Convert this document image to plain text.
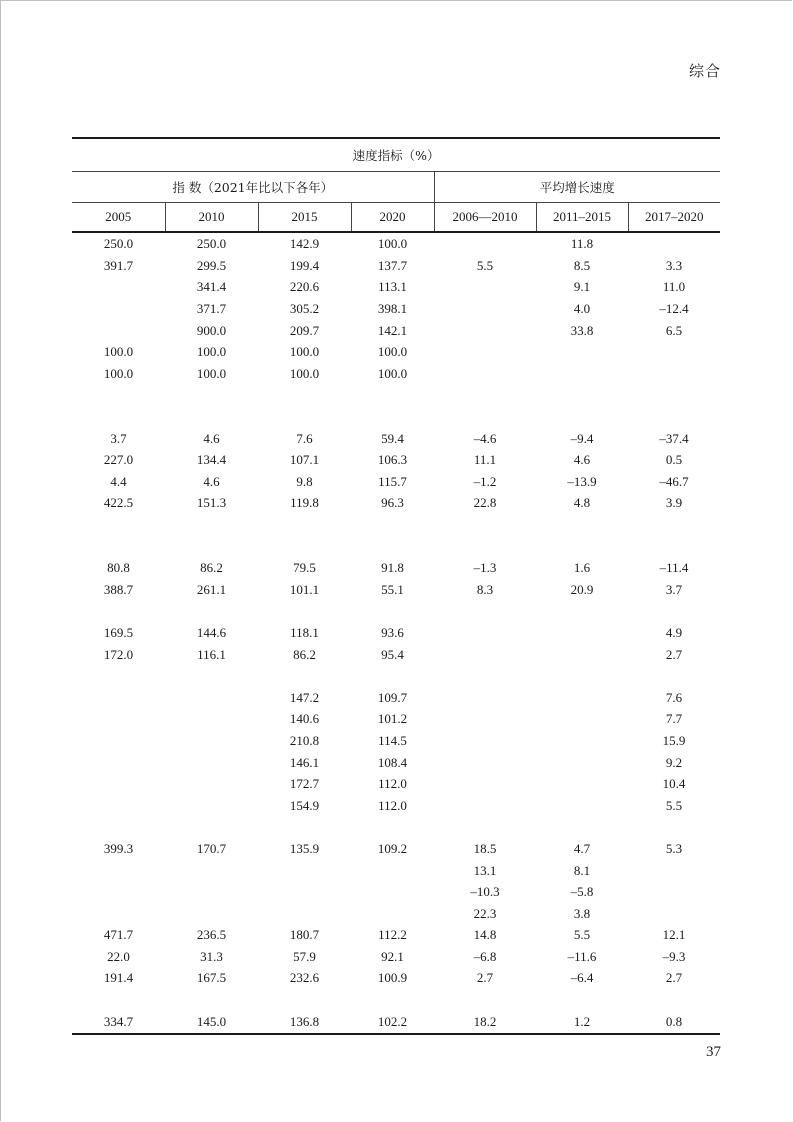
综合
速度指标（%）						
指 数（2021年比以下各年）				平均增长速度		
2005	2010	2015	2020	2006—2010	2011–2015	2017–2020
250.0	250.0	142.9	100.0		11.8	
391.7	299.5	199.4	137.7	5.5	8.5	3.3
	341.4	220.6	113.1		9.1	11.0
	371.7	305.2	398.1		4.0	–12.4
	900.0	209.7	142.1		33.8	6.5
100.0	100.0	100.0	100.0			
100.0	100.0	100.0	100.0			

3.7	4.6	7.6	59.4	–4.6	–9.4	–37.4
227.0	134.4	107.1	106.3	11.1	4.6	0.5
4.4	4.6	9.8	115.7	–1.2	–13.9	–46.7
422.5	151.3	119.8	96.3	22.8	4.8	3.9

80.8	86.2	79.5	91.8	–1.3	1.6	–11.4
388.7	261.1	101.1	55.1	8.3	20.9	3.7

169.5	144.6	118.1	93.6			4.9
172.0	116.1	86.2	95.4			2.7

		147.2	109.7			7.6
		140.6	101.2			7.7
		210.8	114.5			15.9
		146.1	108.4			9.2
		172.7	112.0			10.4
		154.9	112.0			5.5

399.3	170.7	135.9	109.2	18.5	4.7	5.3
				13.1	8.1	
				–10.3	–5.8	
				22.3	3.8	
471.7	236.5	180.7	112.2	14.8	5.5	12.1
22.0	31.3	57.9	92.1	–6.8	–11.6	–9.3
191.4	167.5	232.6	100.9	2.7	–6.4	2.7

334.7	145.0	136.8	102.2	18.2	1.2	0.8
37
